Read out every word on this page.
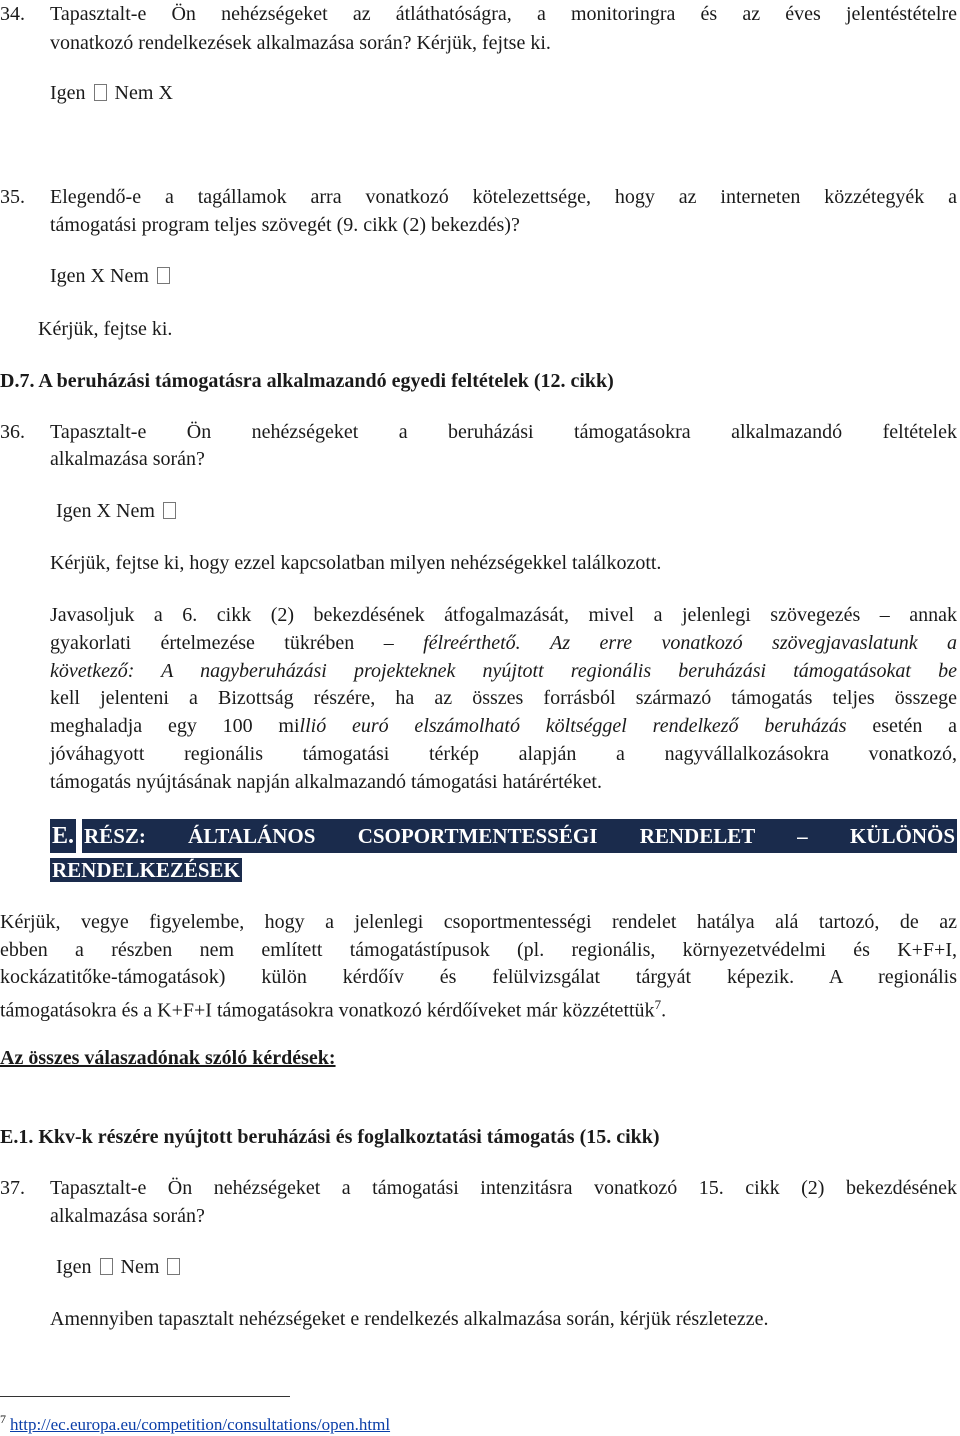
34. Tapasztalt-e Ön nehézségeket az átláthatóságra, a monitoringra és az éves jelentéstételre
vonatkozó rendelkezések alkalmazása során? Kérjük, fejtse ki.
Igen Nem X
35. Elegendő-e a tagállamok arra vonatkozó kötelezettsége, hogy az interneten közzétegyék a
támogatási program teljes szövegét (9. cikk (2) bekezdés)?
Igen X Nem
Kérjük, fejtse ki.
D.7. A beruházási támogatásra alkalmazandó egyedi feltételek (12. cikk)
36. Tapasztalt-e Ön nehézségeket a beruházási támogatásokra alkalmazandó feltételek
alkalmazása során?
Igen X Nem
Kérjük, fejtse ki, hogy ezzel kapcsolatban milyen nehézségekkel találkozott.
Javasoljuk a 6. cikk (2) bekezdésének átfogalmazását, mivel a jelenlegi szövegezés – annak
gyakorlati értelmezése tükrében – félreérthető. Az erre vonatkozó szövegjavaslatunk a
következő: A nagyberuházási projekteknek nyújtott regionális beruházási támogatásokat be
kell jelenteni a Bizottság részére, ha az összes forrásból származó támogatás teljes összege
meghaladja egy 100 millió euró elszámolható költséggel rendelkező beruházás esetén a
jóváhagyott regionális támogatási térkép alapján a nagyvállalkozásokra vonatkozó,
támogatás nyújtásának napján alkalmazandó támogatási határértéket.
E. RÉSZ: ÁLTALÁNOS CSOPORTMENTESSÉGI RENDELET – KÜLÖNÖS
RENDELKEZÉSEK
Kérjük, vegye figyelembe, hogy a jelenlegi csoportmentességi rendelet hatálya alá tartozó, de az
ebben a részben nem említett támogatástípusok (pl. regionális, környezetvédelmi és K+F+I,
kockázatitőke-támogatások) külön kérdőív és felülvizsgálat tárgyát képezik. A regionális
támogatásokra és a K+F+I támogatásokra vonatkozó kérdőíveket már közzétettük$^7$.
Az összes válaszadónak szóló kérdések:
E.1. Kkv-k részére nyújtott beruházási és foglalkoztatási támogatás (15. cikk)
37. Tapasztalt-e Ön nehézségeket a támogatási intenzitásra vonatkozó 15. cikk (2) bekezdésének
alkalmazása során?
Igen Nem
Amennyiben tapasztalt nehézségeket e rendelkezés alkalmazása során, kérjük részletezze.
$^7$ http://ec.europa.eu/competition/consultations/open.html
